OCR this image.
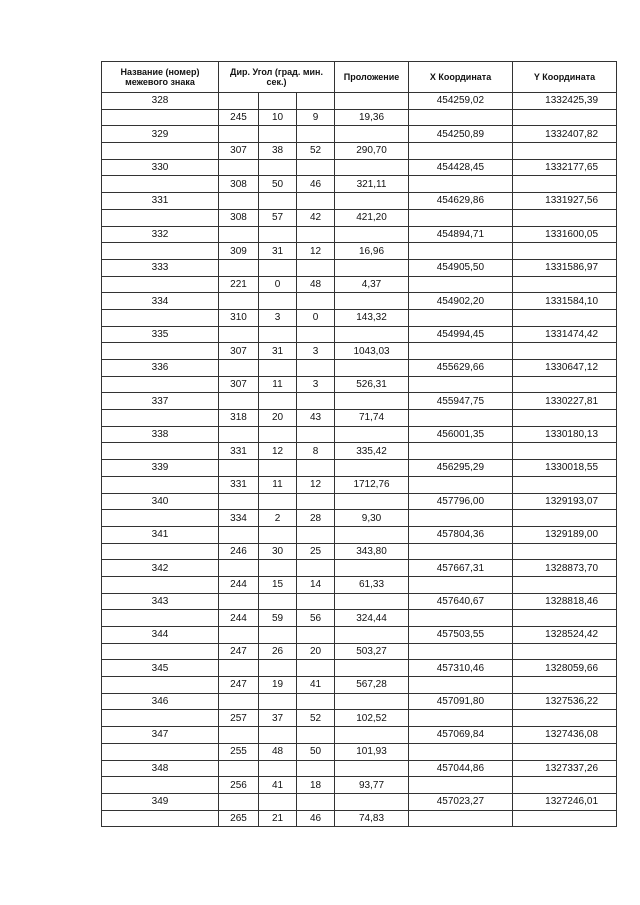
Название (номер) межевого знака	Дир. Угол (град. мин. сек.)			Проложение	X Координата	Y Координата
328					454259,02	1332425,39
	245	10	9	19,36		
329					454250,89	1332407,82
	307	38	52	290,70		
330					454428,45	1332177,65
	308	50	46	321,11		
331					454629,86	1331927,56
	308	57	42	421,20		
332					454894,71	1331600,05
	309	31	12	16,96		
333					454905,50	1331586,97
	221	0	48	4,37		
334					454902,20	1331584,10
	310	3	0	143,32		
335					454994,45	1331474,42
	307	31	3	1043,03		
336					455629,66	1330647,12
	307	11	3	526,31		
337					455947,75	1330227,81
	318	20	43	71,74		
338					456001,35	1330180,13
	331	12	8	335,42		
339					456295,29	1330018,55
	331	11	12	1712,76		
340					457796,00	1329193,07
	334	2	28	9,30		
341					457804,36	1329189,00
	246	30	25	343,80		
342					457667,31	1328873,70
	244	15	14	61,33		
343					457640,67	1328818,46
	244	59	56	324,44		
344					457503,55	1328524,42
	247	26	20	503,27		
345					457310,46	1328059,66
	247	19	41	567,28		
346					457091,80	1327536,22
	257	37	52	102,52		
347					457069,84	1327436,08
	255	48	50	101,93		
348					457044,86	1327337,26
	256	41	18	93,77		
349					457023,27	1327246,01
	265	21	46	74,83		
